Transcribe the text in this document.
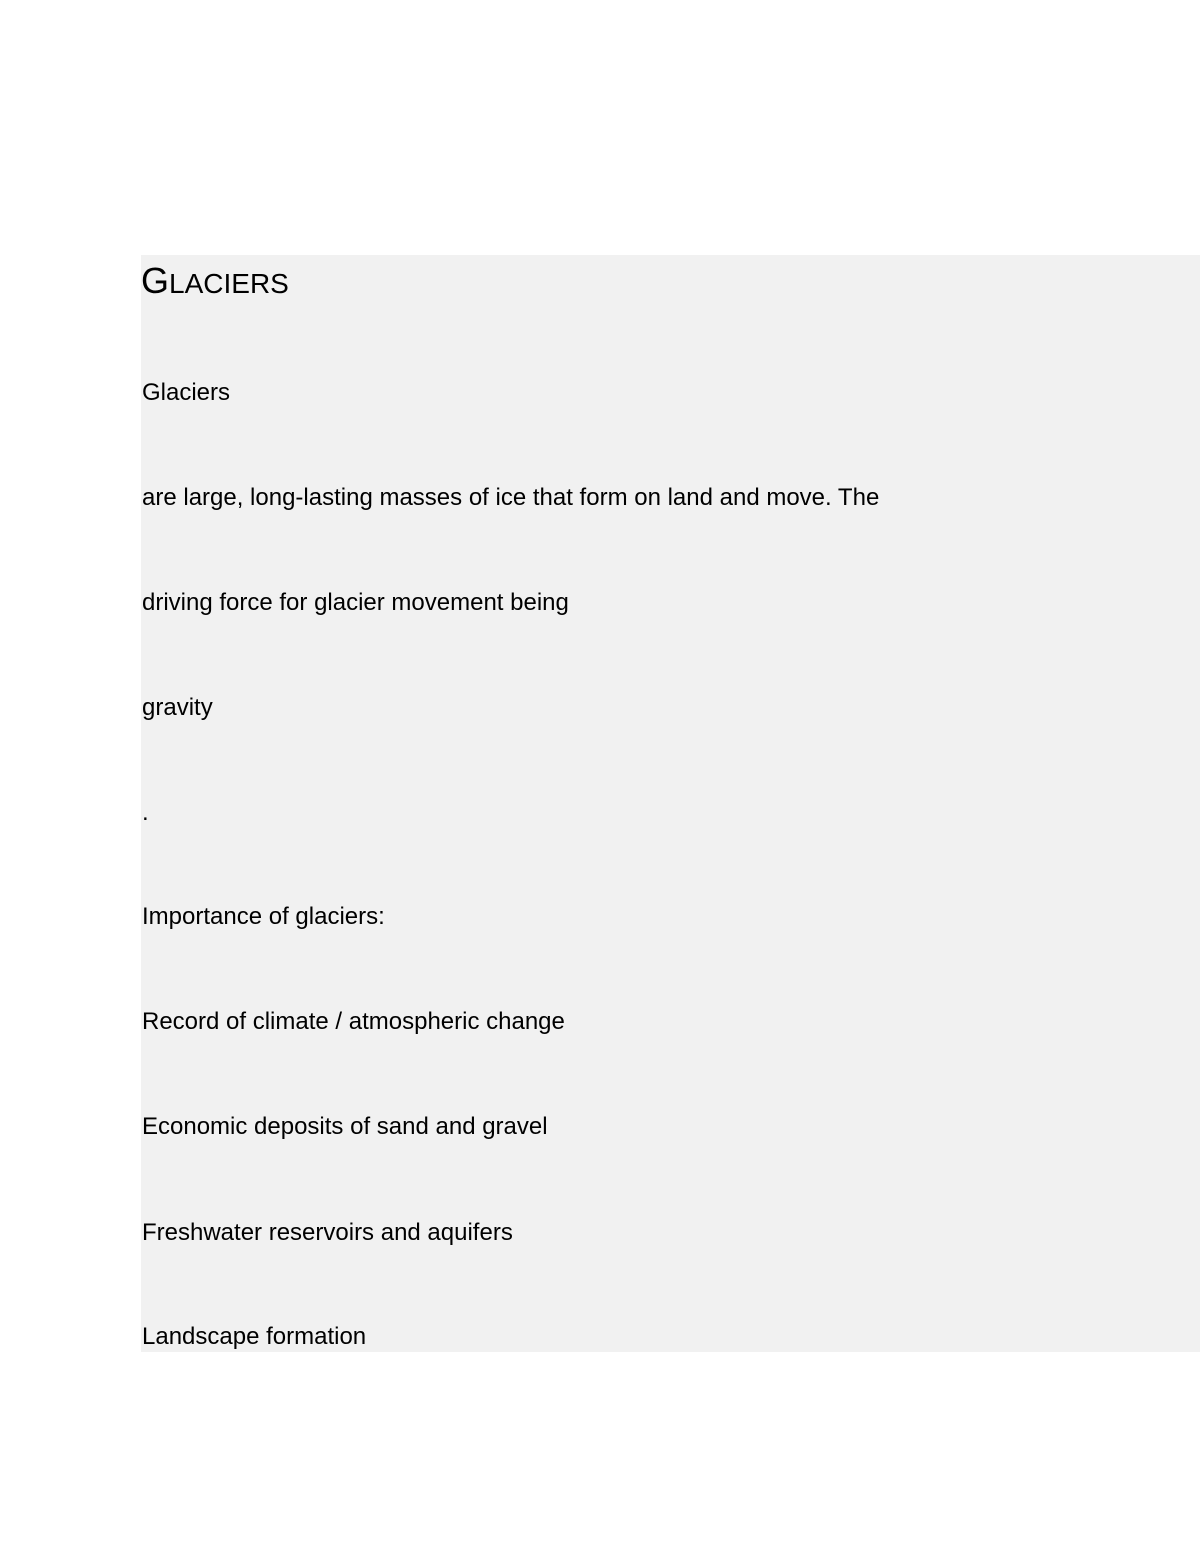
GLACIERS

Glaciers

are large, long-lasting masses of ice that form on land and move. The

driving force for glacier movement being

gravity

.

Importance of glaciers:

Record of climate / atmospheric change

Economic deposits of sand and gravel

Freshwater reservoirs and aquifers

Landscape formation
